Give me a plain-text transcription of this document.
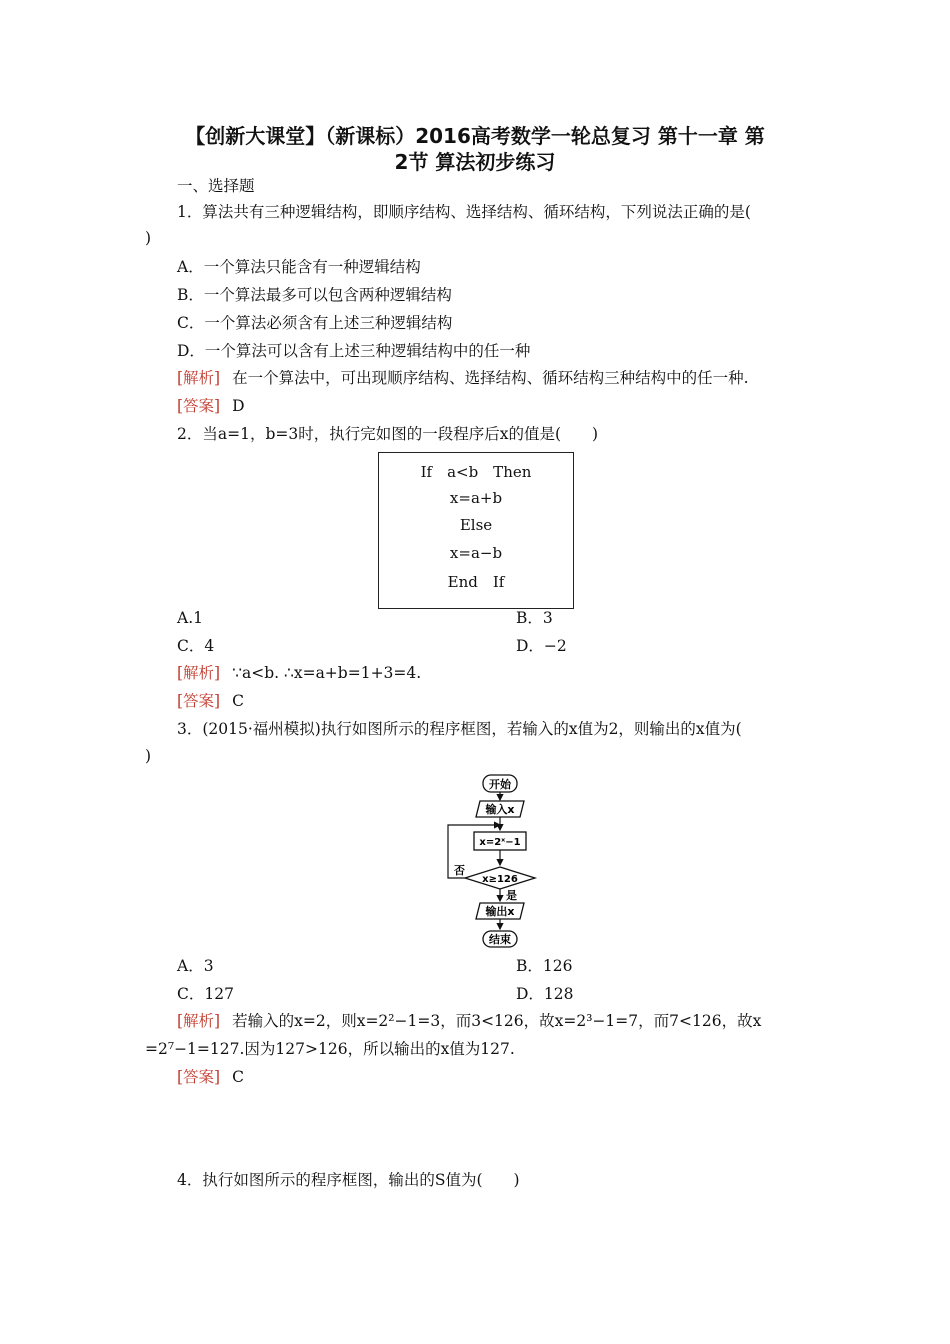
【创新大课堂】（新课标）2016高考数学一轮总复习 第十一章 第
2节 算法初步练习
一、选择题
1．算法共有三种逻辑结构，即顺序结构、选择结构、循环结构，下列说法正确的是(
)
A．一个算法只能含有一种逻辑结构
B．一个算法最多可以包含两种逻辑结构
C．一个算法必须含有上述三种逻辑结构
D．一个算法可以含有上述三种逻辑结构中的任一种
[解析] 在一个算法中，可出现顺序结构、选择结构、循环结构三种结构中的任一种.
[答案] D
2．当a=1，b=3时，执行完如图的一段程序后x的值是(　　)
If　a<b　Then
x=a+b
Else
x=a−b
End　If
A.1	B．3
C．4	D．−2
[解析] ∵a<b. ∴x=a+b=1+3=4.
[答案] C
3．(2015·福州模拟)执行如图所示的程序框图，若输入的x值为2，则输出的x值为(
)
开始
输入x
x=2ˣ−1
x≥126
否
是
输出x
结束
A．3	B．126
C．127	D．128
[解析] 若输入的x=2，则x=2²−1=3，而3<126，故x=2³−1=7，而7<126，故x
=2⁷−1=127.因为127>126，所以输出的x值为127.
[答案] C
4．执行如图所示的程序框图，输出的S值为(　　)
